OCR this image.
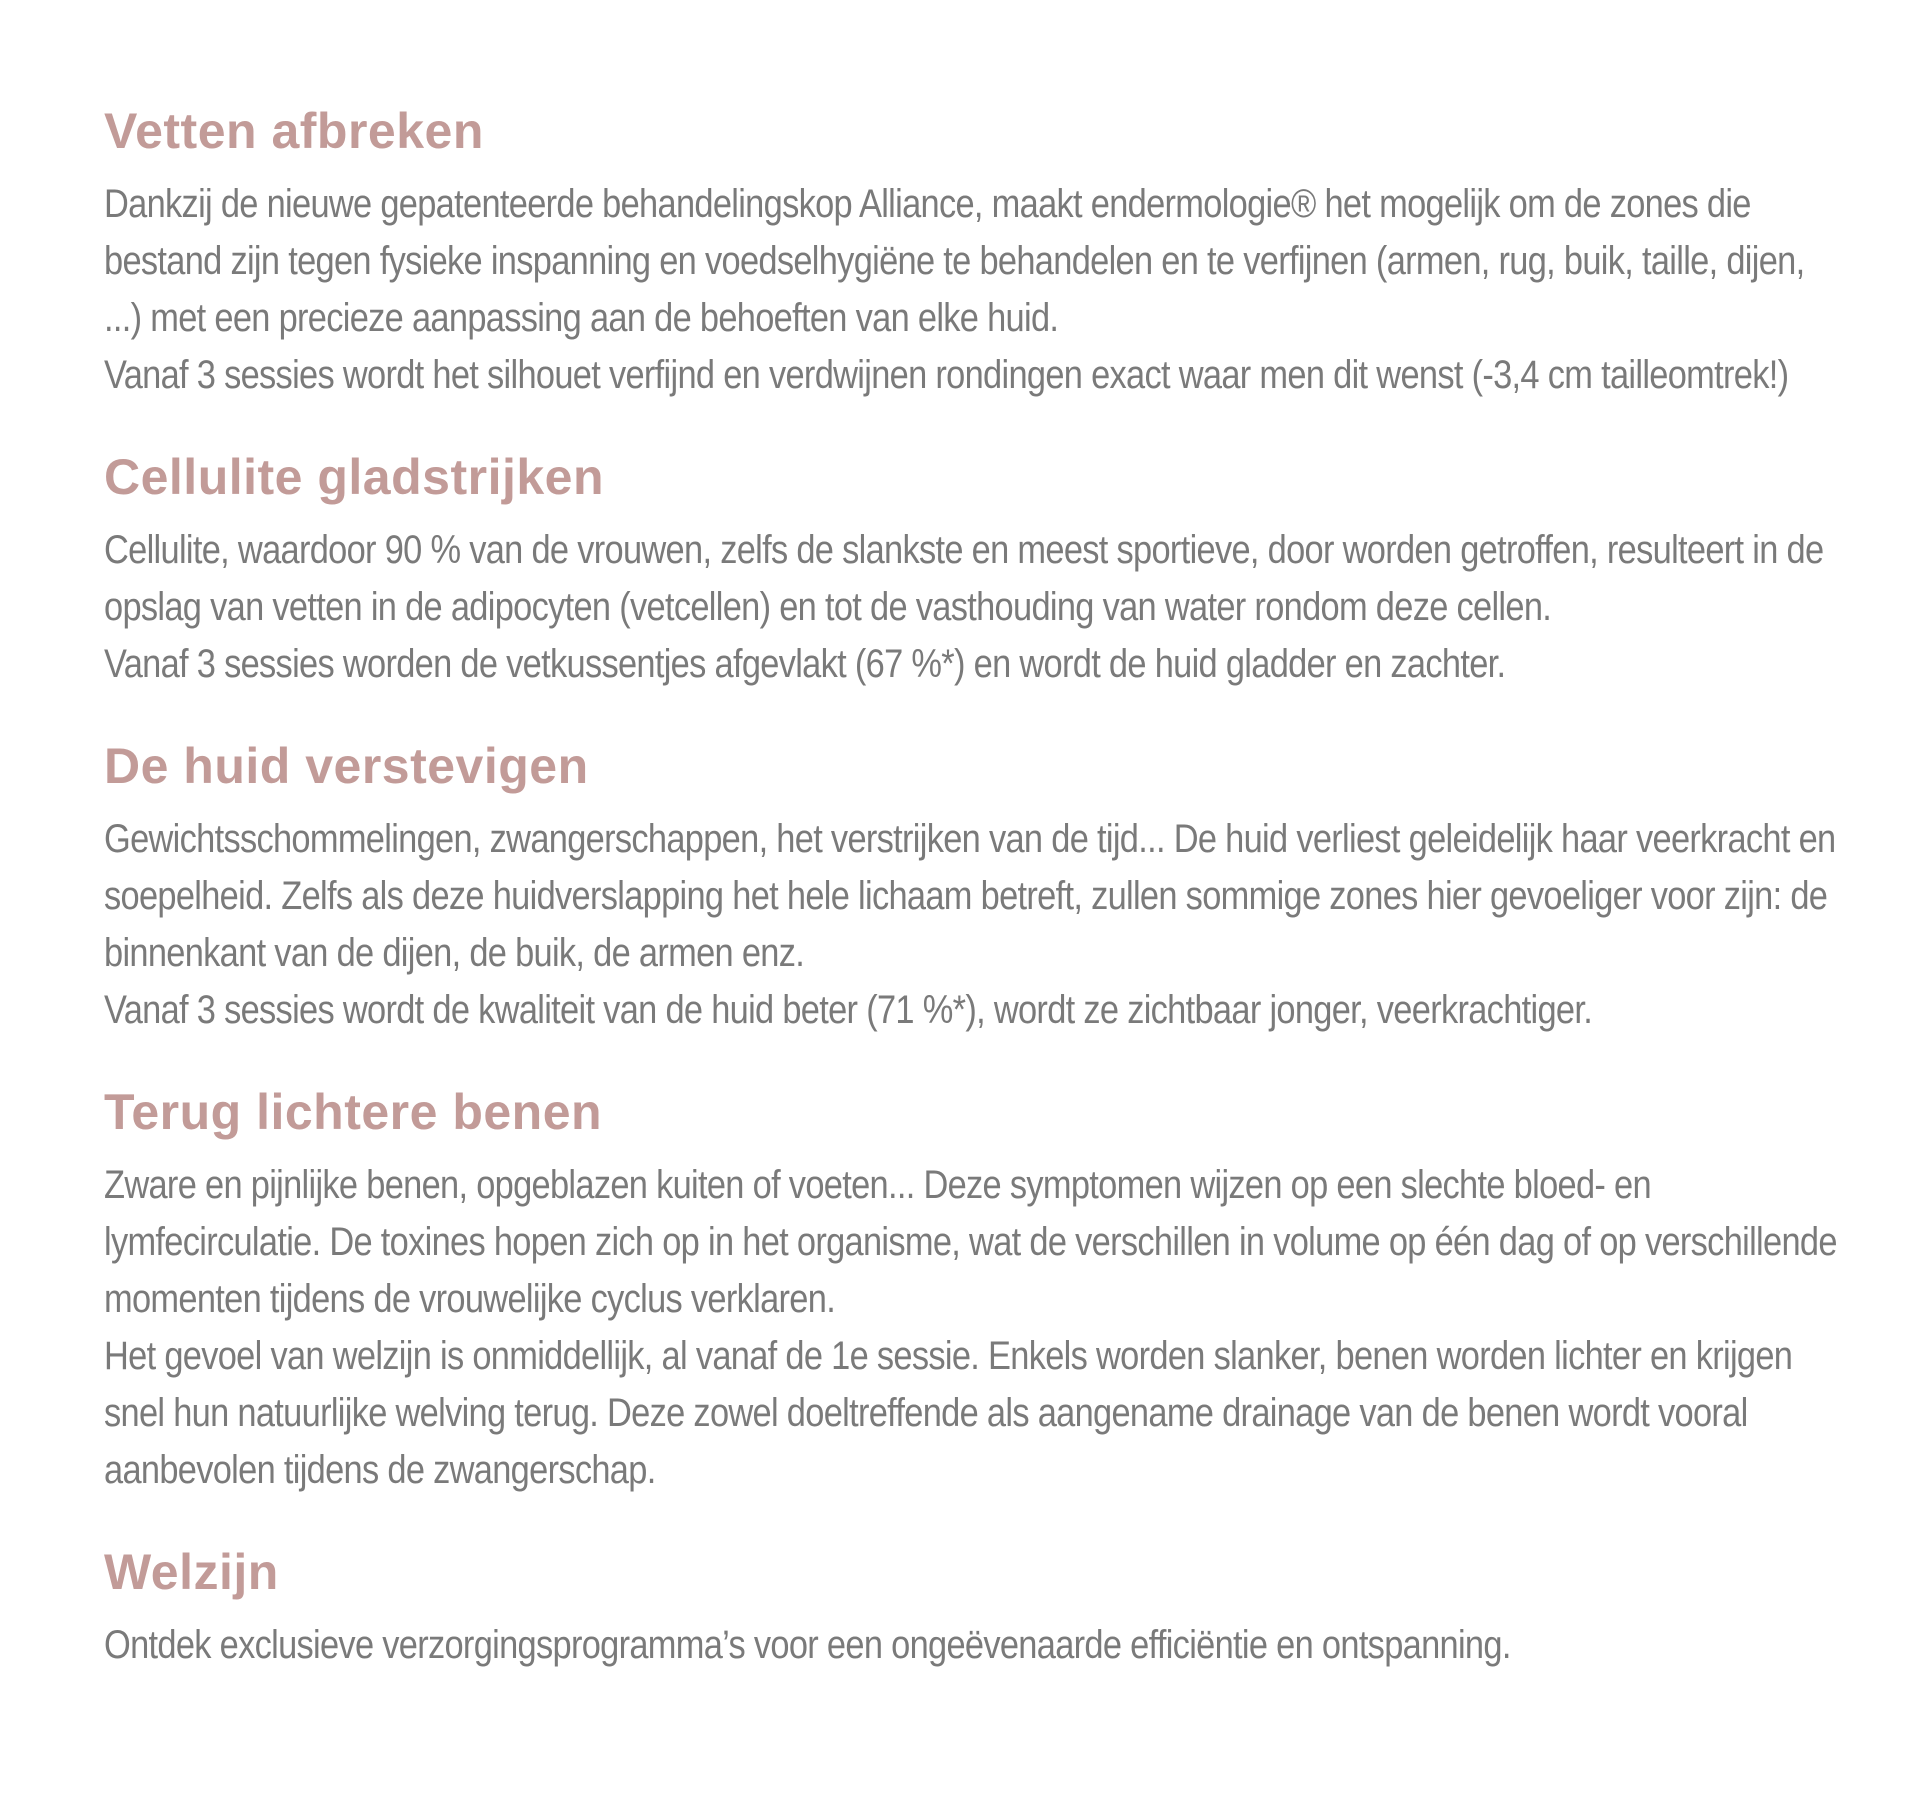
Vetten afbreken

Dankzij de nieuwe gepatenteerde behandelingskop Alliance, maakt endermologie® het mogelijk om de zones die bestand zijn tegen fysieke inspanning en voedselhygiëne te behandelen en te verfijnen (armen, rug, buik, taille, dijen, ...) met een precieze aanpassing aan de behoeften van elke huid.

Vanaf 3 sessies wordt het silhouet verfijnd en verdwijnen rondingen exact waar men dit wenst (-3,4 cm tailleomtrek!)

Cellulite gladstrijken

Cellulite, waardoor 90 % van de vrouwen, zelfs de slankste en meest sportieve, door worden getroffen, resulteert in de opslag van vetten in de adipocyten (vetcellen) en tot de vasthouding van water rondom deze cellen.

Vanaf 3 sessies worden de vetkussentjes afgevlakt (67 %*) en wordt de huid gladder en zachter.

De huid verstevigen

Gewichtsschommelingen, zwangerschappen, het verstrijken van de tijd... De huid verliest geleidelijk haar veerkracht en soepelheid. Zelfs als deze huidverslapping het hele lichaam betreft, zullen sommige zones hier gevoeliger voor zijn: de binnenkant van de dijen, de buik, de armen enz.

Vanaf 3 sessies wordt de kwaliteit van de huid beter (71 %*), wordt ze zichtbaar jonger, veerkrachtiger.

Terug lichtere benen

Zware en pijnlijke benen, opgeblazen kuiten of voeten... Deze symptomen wijzen op een slechte bloed- en lymfecirculatie. De toxines hopen zich op in het organisme, wat de verschillen in volume op één dag of op verschillende momenten tijdens de vrouwelijke cyclus verklaren.

Het gevoel van welzijn is onmiddellijk, al vanaf de 1e sessie. Enkels worden slanker, benen worden lichter en krijgen snel hun natuurlijke welving terug. Deze zowel doeltreffende als aangename drainage van de benen wordt vooral aanbevolen tijdens de zwangerschap.

Welzijn

Ontdek exclusieve verzorgingsprogramma’s voor een ongeëvenaarde efficiëntie en ontspanning.
